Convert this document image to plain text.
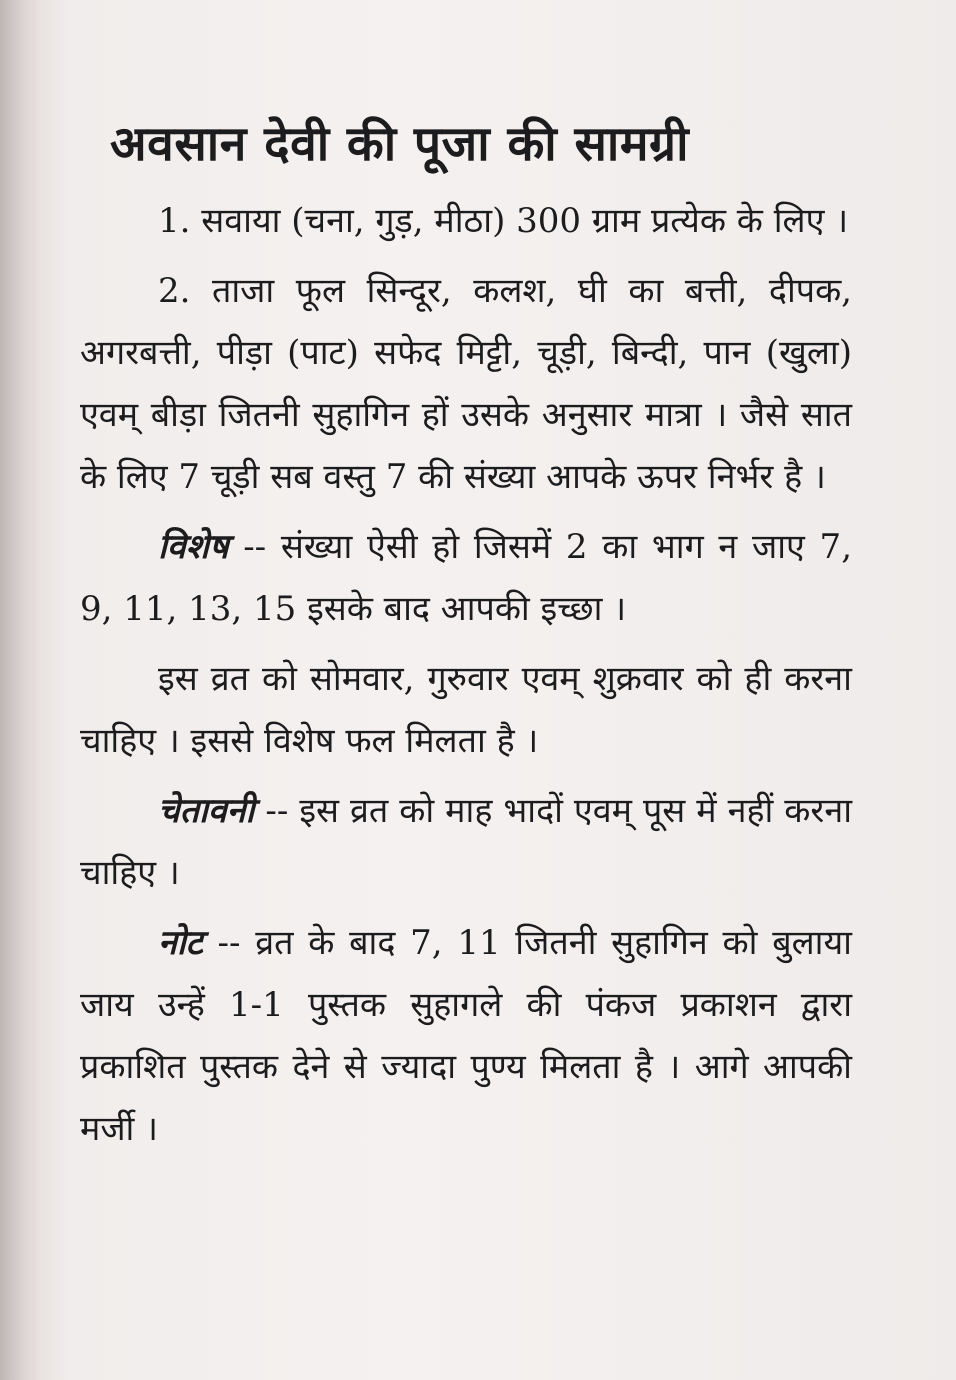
अवसान देवी की पूजा की सामग्री

1. सवाया (चना, गुड़, मीठा) 300 ग्राम प्रत्येक के लिए ।

2. ताजा फूल सिन्दूर, कलश, घी का बत्ती, दीपक, अगरबत्ती, पीड़ा (पाट) सफेद मिट्टी, चूड़ी, बिन्दी, पान (खुला) एवम् बीड़ा जितनी सुहागिन हों उसके अनुसार मात्रा । जैसे सात के लिए 7 चूड़ी सब वस्तु 7 की संख्या आपके ऊपर निर्भर है ।

विशेष -- संख्या ऐसी हो जिसमें 2 का भाग न जाए 7, 9, 11, 13, 15 इसके बाद आपकी इच्छा ।

इस व्रत को सोमवार, गुरुवार एवम् शुक्रवार को ही करना चाहिए । इससे विशेष फल मिलता है ।

चेतावनी -- इस व्रत को माह भादों एवम् पूस में नहीं करना चाहिए ।

नोट -- व्रत के बाद 7, 11 जितनी सुहागिन को बुलाया जाय उन्हें 1-1 पुस्तक सुहागले की पंकज प्रकाशन द्वारा प्रकाशित पुस्तक देने से ज्यादा पुण्य मिलता है । आगे आपकी मर्जी ।
